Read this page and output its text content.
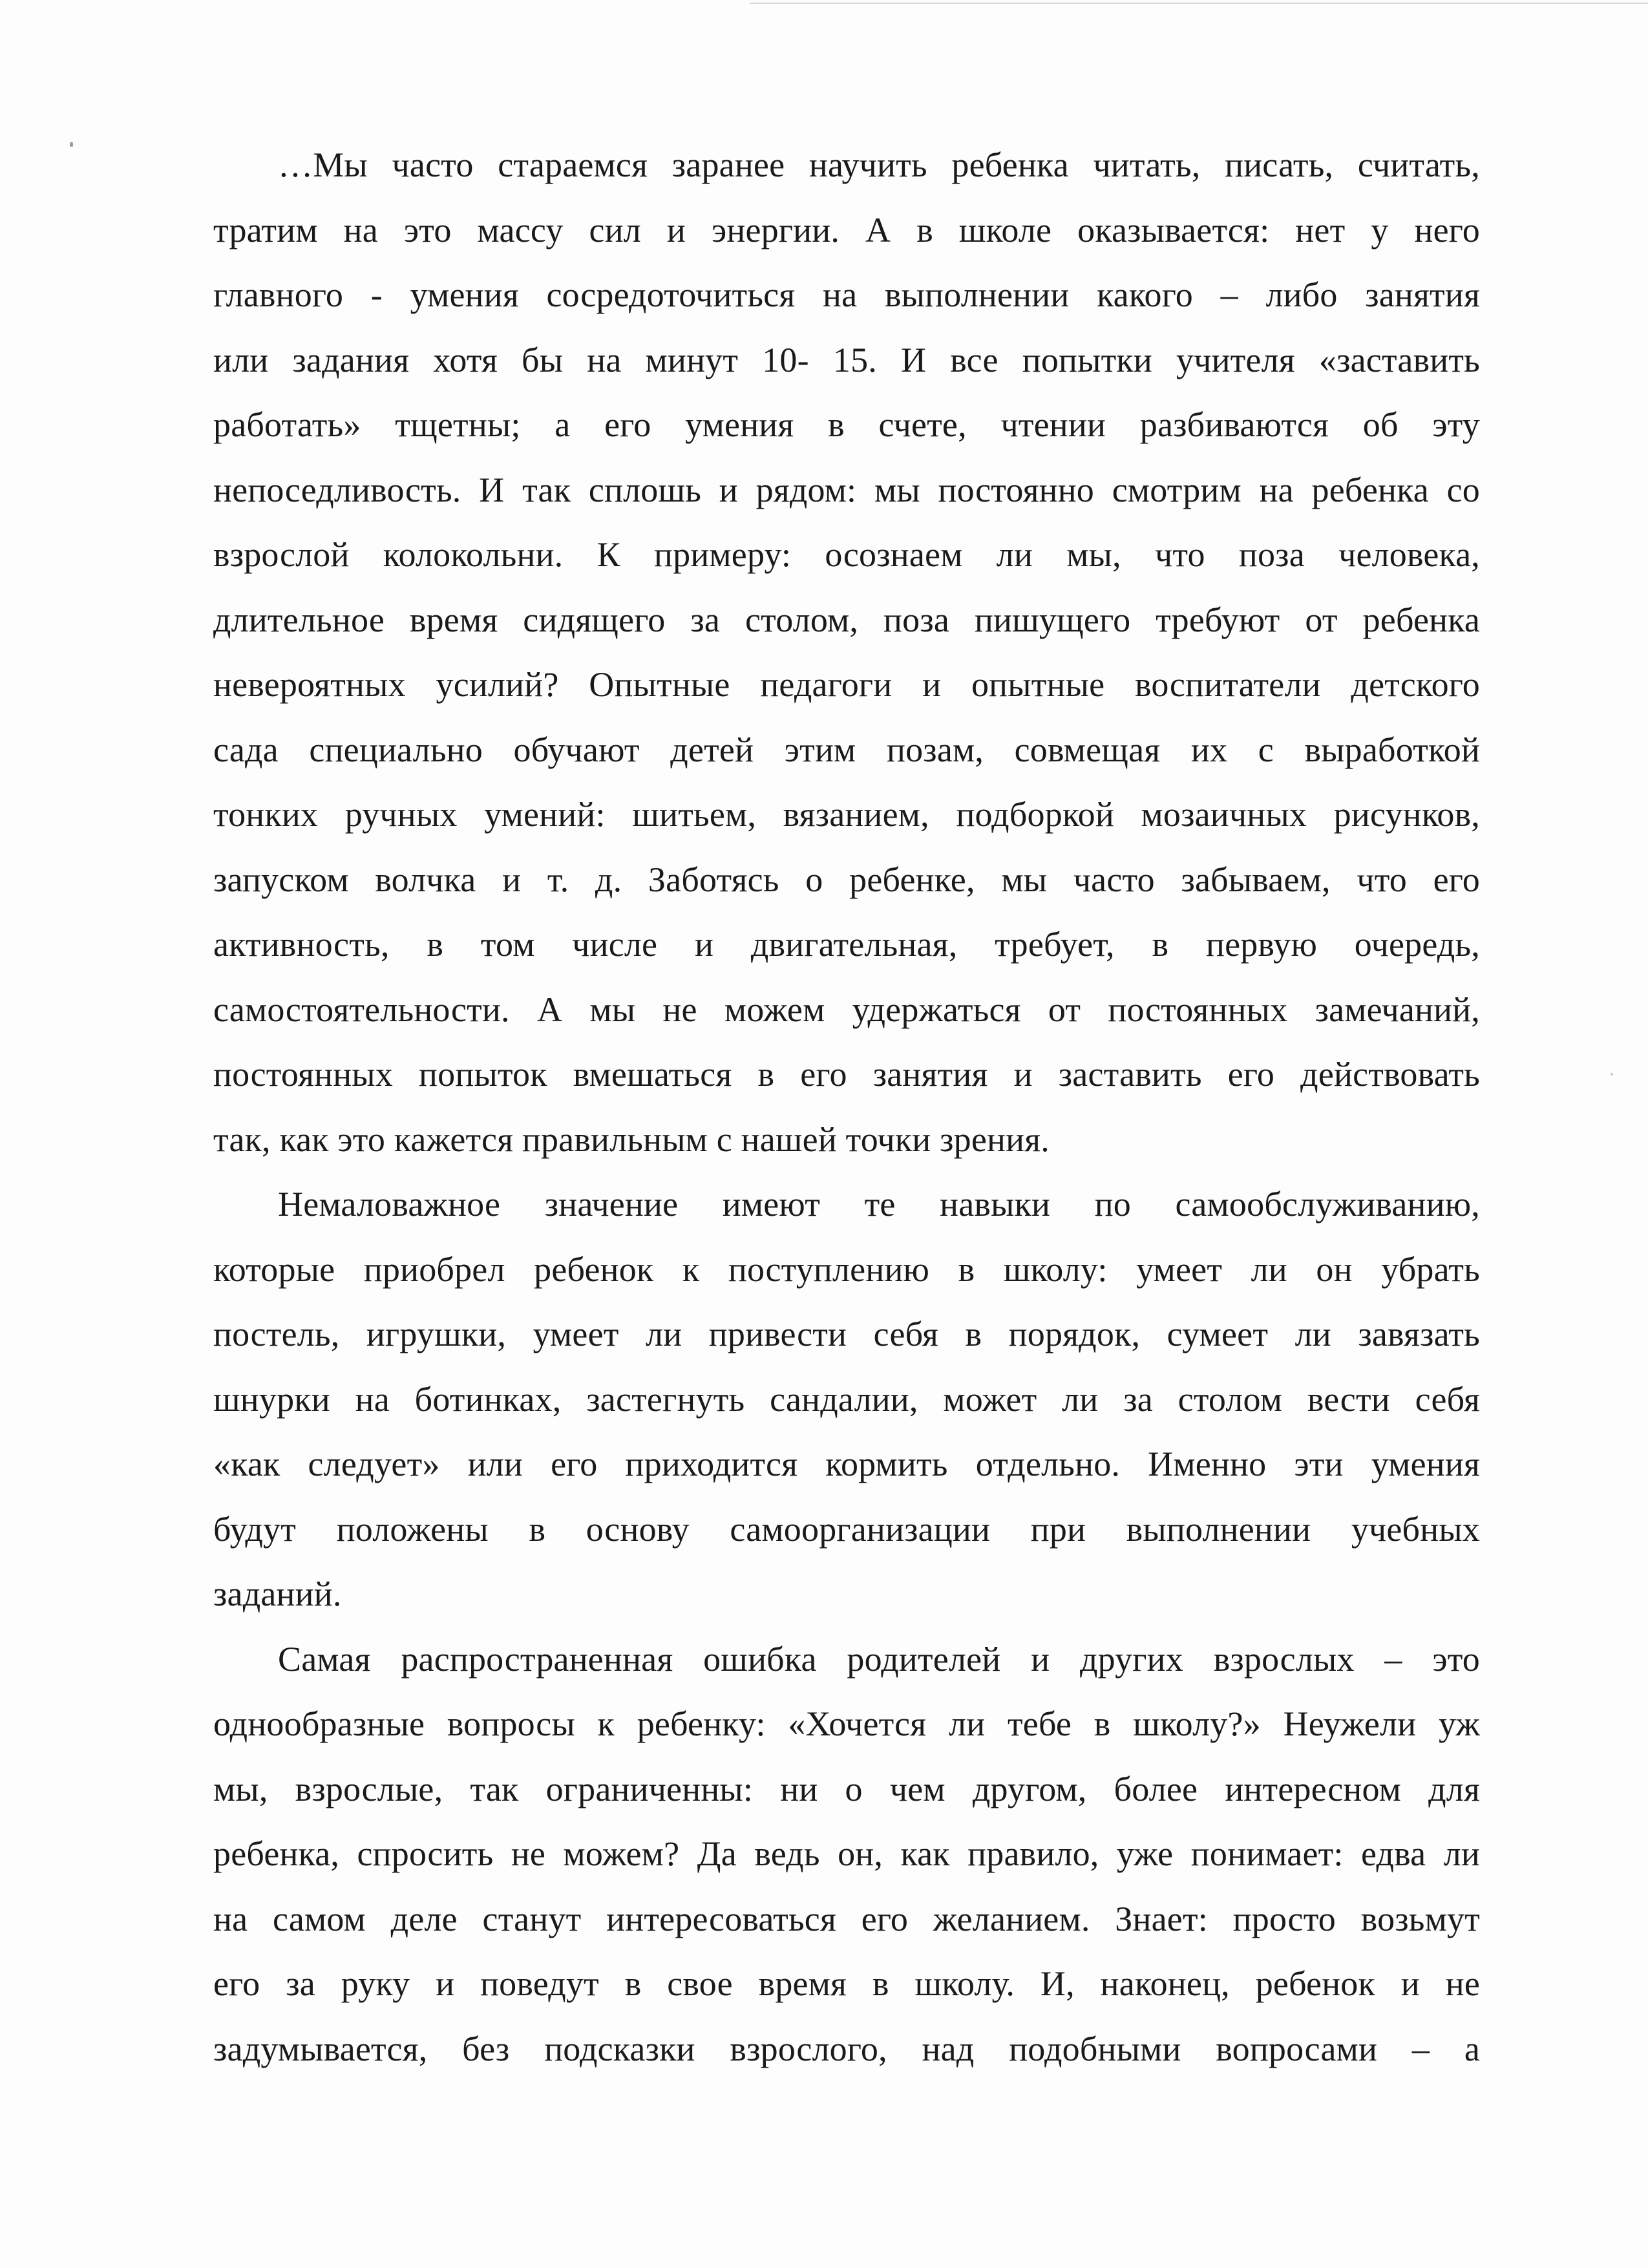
…Мы часто стараемся заранее научить ребенка читать, писать, считать,
тратим на это массу сил и энергии. А в школе оказывается: нет у него
главного - умения сосредоточиться на выполнении какого – либо занятия
или задания хотя бы на минут 10- 15. И все попытки учителя «заставить
работать» тщетны; а его умения в счете, чтении разбиваются об эту
непоседливость. И так сплошь и рядом: мы постоянно смотрим на ребенка со
взрослой колокольни. К примеру: осознаем ли мы, что поза человека,
длительное время сидящего за столом, поза пишущего требуют от ребенка
невероятных усилий? Опытные педагоги и опытные воспитатели детского
сада специально обучают детей этим позам, совмещая их с выработкой
тонких ручных умений: шитьем, вязанием, подборкой мозаичных рисунков,
запуском волчка и т. д. Заботясь о ребенке, мы часто забываем, что его
активность, в том числе и двигательная, требует, в первую очередь,
самостоятельности. А мы не можем удержаться от постоянных замечаний,
постоянных попыток вмешаться в его занятия и заставить его действовать
так, как это кажется правильным с нашей точки зрения.
Немаловажное значение имеют те навыки по самообслуживанию,
которые приобрел ребенок к поступлению в школу: умеет ли он убрать
постель, игрушки, умеет ли привести себя в порядок, сумеет ли завязать
шнурки на ботинках, застегнуть сандалии, может ли за столом вести себя
«как следует» или его приходится кормить отдельно. Именно эти умения
будут положены в основу самоорганизации при выполнении учебных
заданий.
Самая распространенная ошибка родителей и других взрослых – это
однообразные вопросы к ребенку: «Хочется ли тебе в школу?» Неужели уж
мы, взрослые, так ограниченны: ни о чем другом, более интересном для
ребенка, спросить не можем? Да ведь он, как правило, уже понимает: едва ли
на самом деле станут интересоваться его желанием. Знает: просто возьмут
его за руку и поведут в свое время в школу. И, наконец, ребенок и не
задумывается, без подсказки взрослого, над подобными вопросами – а
